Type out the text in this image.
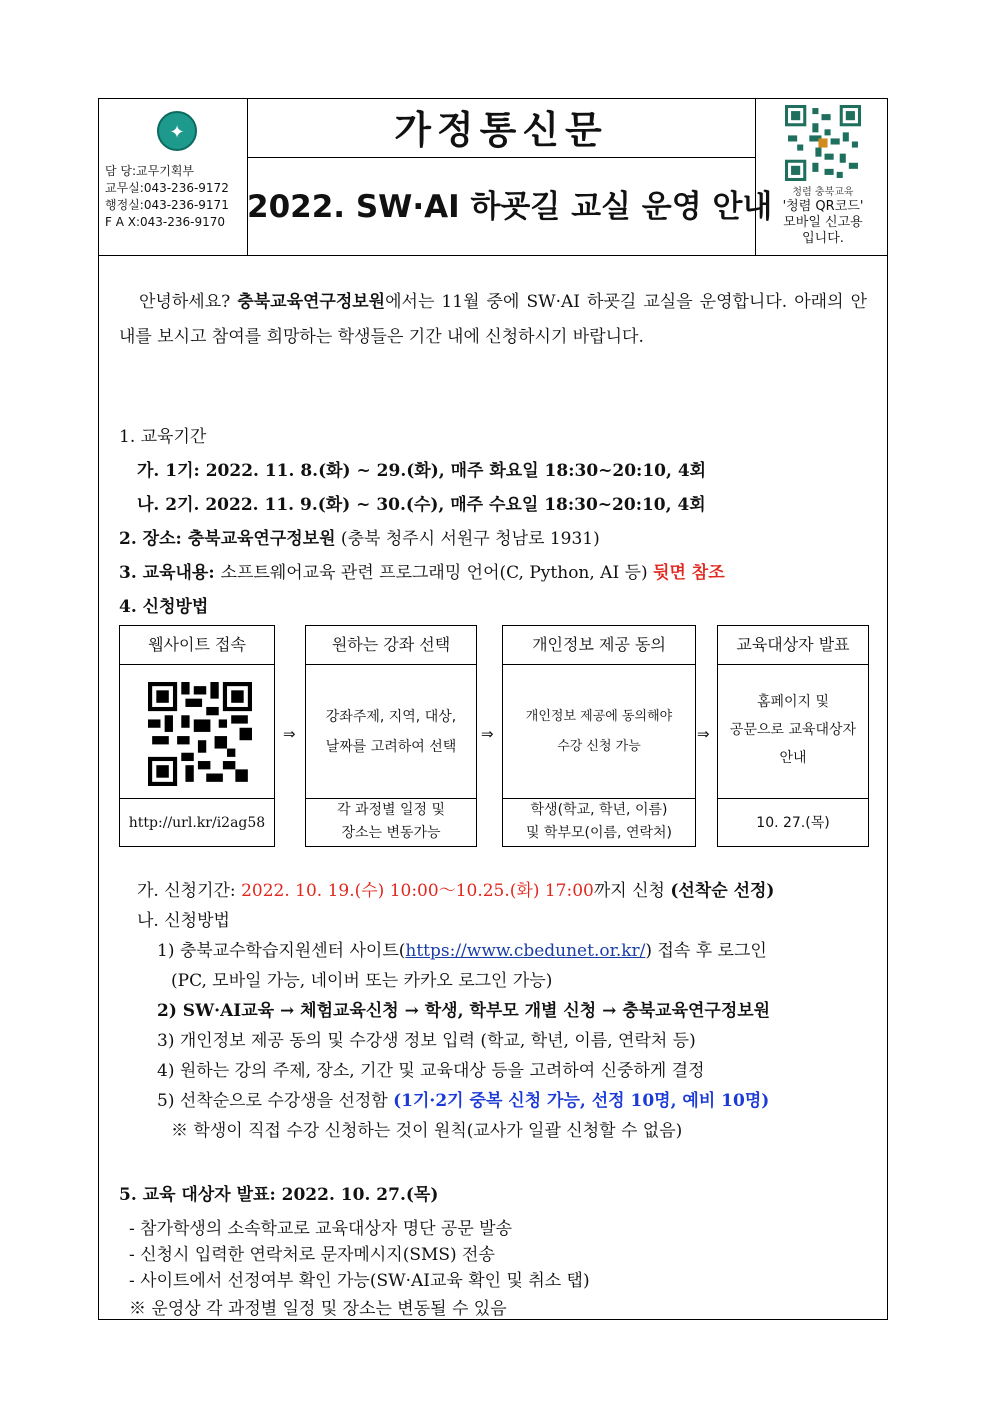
✦
담 당:교무기획부
교무실:043-236-9172
행정실:043-236-9171
F A X:043-236-9170
가정통신문
2022. SW·AI 하굣길 교실 운영 안내	청렴 충북교육
'청렴 QR코드'
모바일 신고용
입니다.
안녕하세요? 충북교육연구정보원에서는 11월 중에 SW·AI 하굣길 교실을 운영합니다. 아래의 안내를 보시고 참여를 희망하는 학생들은 기간 내에 신청하시기 바랍니다.
1. 교육기간
가. 1기: 2022. 11. 8.(화) ~ 29.(화), 매주 화요일 18:30~20:10, 4회
나. 2기. 2022. 11. 9.(화) ~ 30.(수), 매주 수요일 18:30~20:10, 4회
2. 장소: 충북교육연구정보원 (충북 청주시 서원구 청남로 1931)
3. 교육내용: 소프트웨어교육 관련 프로그래밍 언어(C, Python, AI 등) 뒷면 참조
4. 신청방법
웹사이트 접속
http://url.kr/i2ag58
⇒
원하는 강좌 선택
강좌주제, 지역, 대상,
날짜를 고려하여 선택
각 과정별 일정 및
장소는 변동가능
⇒
개인정보 제공 동의
개인정보 제공에 동의해야
수강 신청 가능
학생(학교, 학년, 이름)
및 학부모(이름, 연락처)
⇒
교육대상자 발표
홈페이지 및
공문으로 교육대상자
안내
10. 27.(목)
가. 신청기간: 2022. 10. 19.(수) 10:00～10.25.(화) 17:00까지 신청 (선착순 선정)
나. 신청방법
1) 충북교수학습지원센터 사이트(https://www.cbedunet.or.kr/) 접속 후 로그인
(PC, 모바일 가능, 네이버 또는 카카오 로그인 가능)
2) SW·AI교육 → 체험교육신청 → 학생, 학부모 개별 신청 → 충북교육연구정보원
3) 개인정보 제공 동의 및 수강생 정보 입력 (학교, 학년, 이름, 연락처 등)
4) 원하는 강의 주제, 장소, 기간 및 교육대상 등을 고려하여 신중하게 결정
5) 선착순으로 수강생을 선정함 (1기·2기 중복 신청 가능, 선정 10명, 예비 10명)
※ 학생이 직접 수강 신청하는 것이 원칙(교사가 일괄 신청할 수 없음)
5. 교육 대상자 발표: 2022. 10. 27.(목)
- 참가학생의 소속학교로 교육대상자 명단 공문 발송
- 신청시 입력한 연락처로 문자메시지(SMS) 전송
- 사이트에서 선정여부 확인 가능(SW·AI교육 확인 및 취소 탭)
※ 운영상 각 과정별 일정 및 장소는 변동될 수 있음
